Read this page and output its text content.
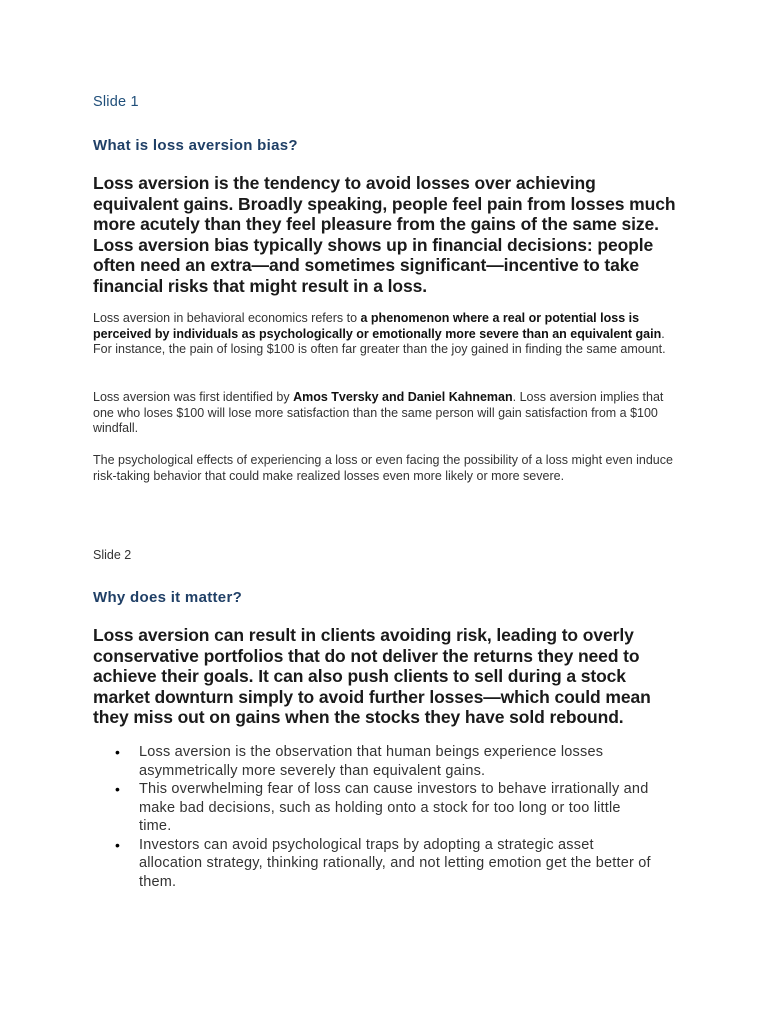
Slide 1

What is loss aversion bias?

Loss aversion is the tendency to avoid losses over achieving equivalent gains. Broadly speaking, people feel pain from losses much more acutely than they feel pleasure from the gains of the same size. Loss aversion bias typically shows up in financial decisions: people often need an extra—and sometimes significant—incentive to take financial risks that might result in a loss.

Loss aversion in behavioral economics refers to a phenomenon where a real or potential loss is perceived by individuals as psychologically or emotionally more severe than an equivalent gain. For instance, the pain of losing $100 is often far greater than the joy gained in finding the same amount.

Loss aversion was first identified by Amos Tversky and Daniel Kahneman. Loss aversion implies that one who loses $100 will lose more satisfaction than the same person will gain satisfaction from a $100 windfall.

The psychological effects of experiencing a loss or even facing the possibility of a loss might even induce risk-taking behavior that could make realized losses even more likely or more severe.

Slide 2

Why does it matter?

Loss aversion can result in clients avoiding risk, leading to overly conservative portfolios that do not deliver the returns they need to achieve their goals. It can also push clients to sell during a stock market downturn simply to avoid further losses—which could mean they miss out on gains when the stocks they have sold rebound.

• Loss aversion is the observation that human beings experience losses asymmetrically more severely than equivalent gains.
• This overwhelming fear of loss can cause investors to behave irrationally and make bad decisions, such as holding onto a stock for too long or too little time.
• Investors can avoid psychological traps by adopting a strategic asset allocation strategy, thinking rationally, and not letting emotion get the better of them.
